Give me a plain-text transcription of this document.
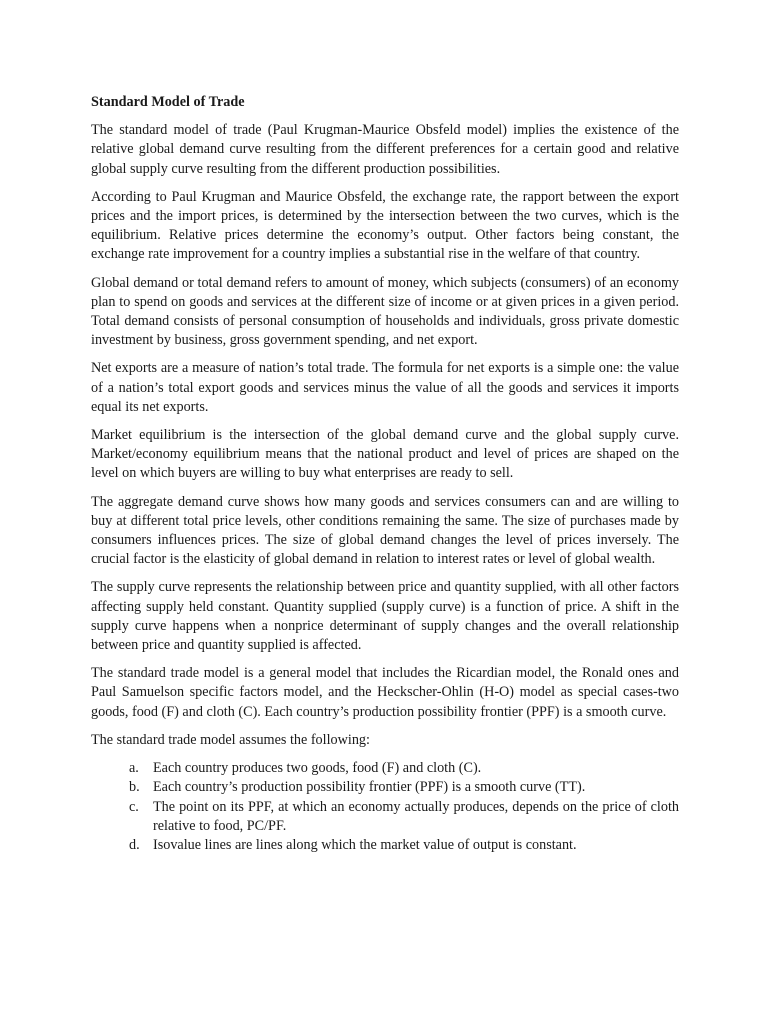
Standard Model of Trade

The standard model of trade (Paul Krugman-Maurice Obsfeld model) implies the existence of the relative global demand curve resulting from the different preferences for a certain good and relative global supply curve resulting from the different production possibilities.

According to Paul Krugman and Maurice Obsfeld, the exchange rate, the rapport between the export prices and the import prices, is determined by the intersection between the two curves, which is the equilibrium. Relative prices determine the economy’s output. Other factors being constant, the exchange rate improvement for a country implies a substantial rise in the welfare of that country.

Global demand or total demand refers to amount of money, which subjects (consumers) of an economy plan to spend on goods and services at the different size of income or at given prices in a given period. Total demand consists of personal consumption of households and individuals, gross private domestic investment by business, gross government spending, and net export.

Net exports are a measure of nation’s total trade. The formula for net exports is a simple one: the value of a nation’s total export goods and services minus the value of all the goods and services it imports equal its net exports.

Market equilibrium is the intersection of the global demand curve and the global supply curve. Market/economy equilibrium means that the national product and level of prices are shaped on the level on which buyers are willing to buy what enterprises are ready to sell.

The aggregate demand curve shows how many goods and services consumers can and are willing to buy at different total price levels, other conditions remaining the same. The size of purchases made by consumers influences prices. The size of global demand changes the level of prices inversely. The crucial factor is the elasticity of global demand in relation to interest rates or level of global wealth.

The supply curve represents the relationship between price and quantity supplied, with all other factors affecting supply held constant. Quantity supplied (supply curve) is a function of price. A shift in the supply curve happens when a nonprice determinant of supply changes and the overall relationship between price and quantity supplied is affected.

The standard trade model is a general model that includes the Ricardian model, the Ronald ones and Paul Samuelson specific factors model, and the Heckscher-Ohlin (H-O) model as special cases-two goods, food (F) and cloth (C). Each country’s production possibility frontier (PPF) is a smooth curve.

The standard trade model assumes the following:

a. Each country produces two goods, food (F) and cloth (C).
b. Each country’s production possibility frontier (PPF) is a smooth curve (TT).
c. The point on its PPF, at which an economy actually produces, depends on the price of cloth relative to food, PC/PF.
d. Isovalue lines are lines along which the market value of output is constant.
